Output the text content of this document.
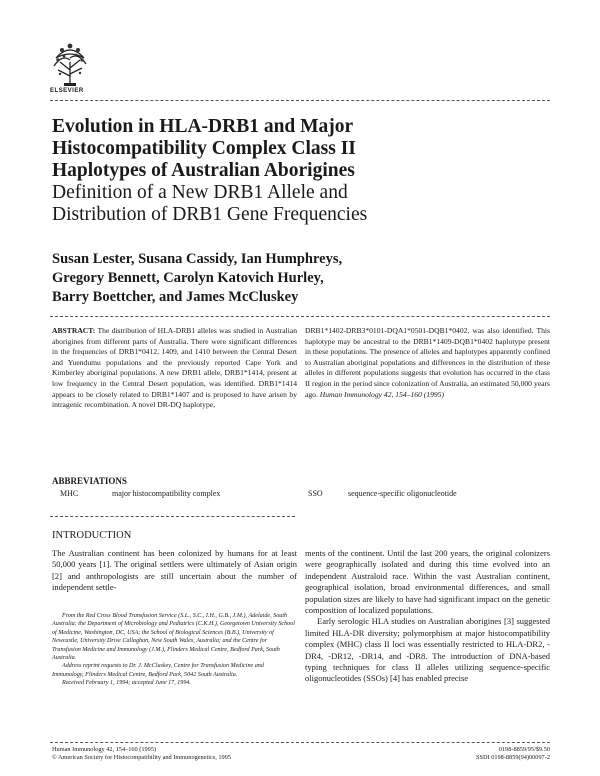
ELSEVIER
Evolution in HLA-DRB1 and Major
Histocompatibility Complex Class II
Haplotypes of Australian Aborigines
Definition of a New DRB1 Allele and
Distribution of DRB1 Gene Frequencies
Susan Lester, Susana Cassidy, Ian Humphreys,
Gregory Bennett, Carolyn Katovich Hurley,
Barry Boettcher, and James McCluskey
ABSTRACT: The distribution of HLA-DRB1 alleles was studied in Australian aborigines from different parts of Australia. There were significant differences in the frequencies of DRB1*0412, 1409, and 1410 between the Central Desert and Yuendumu populations and the previously reported Cape York and Kimberley aboriginal populations. A new DRB1 allele, DRB1*1414, present at low frequency in the Central Desert population, was identified. DRB1*1414 appears to be closely related to DRB1*1407 and is proposed to have arisen by intragenic recombination. A novel DR-DQ haplotype,
DRB1*1402-DRB3*0101-DQA1*0501-DQB1*0402, was also identified. This haplotype may be ancestral to the DRB1*1409-DQB1*0402 haplotype present in these populations. The presence of alleles and haplotypes apparently confined to Australian aboriginal populations and differences in the distribution of these alleles in different populations suggests that evolution has occurred in the class II region in the period since colonization of Australia, an estimated 50,000 years ago. Human Immunology 42, 154–160 (1995)
ABBREVIATIONS
MHC	major histocompatibility complex	SSO	sequence-specific oligonucleotide
INTRODUCTION
The Australian continent has been colonized by humans for at least 50,000 years [1]. The original settlers were ultimately of Asian origin [2] and anthropologists are still uncertain about the number of independent settle-

From the Red Cross Blood Transfusion Service (S.L., S.C., I.H., G.B., J.M.), Adelaide, South Australia; the Department of Microbiology and Pediatrics (C.K.H.), Georgetown University School of Medicine, Washington, DC, USA; the School of Biological Sciences (B.B.), University of Newcastle, University Drive Callaghan, New South Wales, Australia; and the Centre for Transfusion Medicine and Immunology (J.M.), Flinders Medical Centre, Bedford Park, South Australia.

Address reprint requests to Dr. J. McCluskey, Centre for Transfusion Medicine and Immunology, Flinders Medical Centre, Bedford Park, 5042 South Australia.

Received February 1, 1994; accepted June 17, 1994.

ments of the continent. Until the last 200 years, the original colonizers were geographically isolated and during this time evolved into an independent Australoid race. Within the vast Australian continent, geographical isolation, broad environmental differences, and small population sizes are likely to have had significant impact on the genetic composition of localized populations.

Early serologic HLA studies on Australian aborigines [3] suggested limited HLA-DR diversity; polymorphism at major histocompatibility complex (MHC) class II loci was essentially restricted to HLA-DR2, -DR4, -DR12, -DR14, and -DR8. The introduction of DNA-based typing techniques for class II alleles utilizing sequence-specific oligonucleotides (SSOs) [4] has enabled precise

Human Immunology 42, 154–160 (1995)
© American Society for Histocompatibility and Immunogenetics, 1995
0198-8859/95/$9.50
SSDI 0198-8859(94)00097-2
